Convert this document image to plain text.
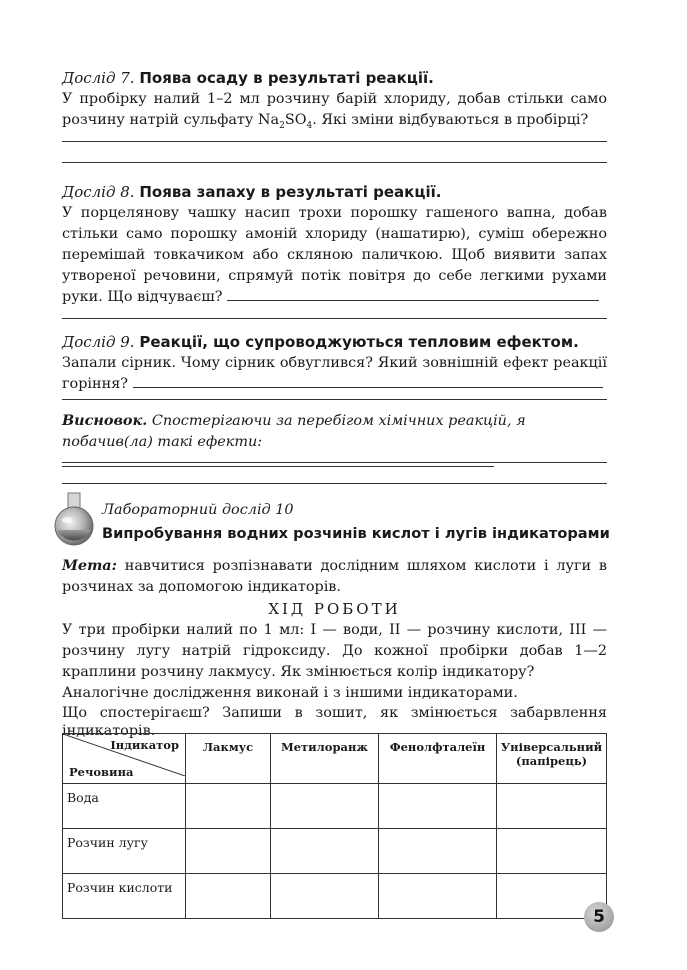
Дослід 7. Поява осаду в результаті реакції.

У пробірку налий 1–2 мл розчину барій хлориду, добав стільки само розчину натрій сульфату $Na_2SO_4$. Які зміни відбуваються в пробірці?

Дослід 8. Поява запаху в результаті реакції.

У порцелянову чашку насип трохи порошку гашеного вапна, добав стільки само порошку амоній хлориду (нашатирю), суміш обережно перемішай товкачиком або скляною паличкою. Щоб виявити запах утвореної речовини, спрямуй потік повітря до себе легкими рухами руки. Що відчуваєш?

Дослід 9. Реакції, що супроводжуються тепловим ефектом.

Запали сірник. Чому сірник обвуглився? Який зовнішній ефект реакції горіння?

Висновок. Спостерігаючи за перебігом хімічних реакцій, я побачив(ла) такі ефекти:

Лабораторний дослід 10
Випробування водних розчинів кислот і лугів індикаторами

Мета: навчитися розпізнавати дослідним шляхом кислоти і луги в розчинах за допомогою індикаторів.

ХІД РОБОТИ

У три пробірки налий по 1 мл: I — води, II — розчину кислоти, III — розчину лугу натрій гідроксиду. До кожної пробірки добав 1—2 краплини розчину лакмусу. Як змінюється колір індикатору?

Аналогічне дослідження виконай і з іншими індикаторами.

Що спостерігаєш? Запиши в зошит, як змінюється забарвлення індикаторів.

Індикатор
Речовина	Лакмус	Метилоранж	Фенолфталеїн	Універсальний (папірець)
Вода				
Розчин лугу				
Розчин кислоти				
5
